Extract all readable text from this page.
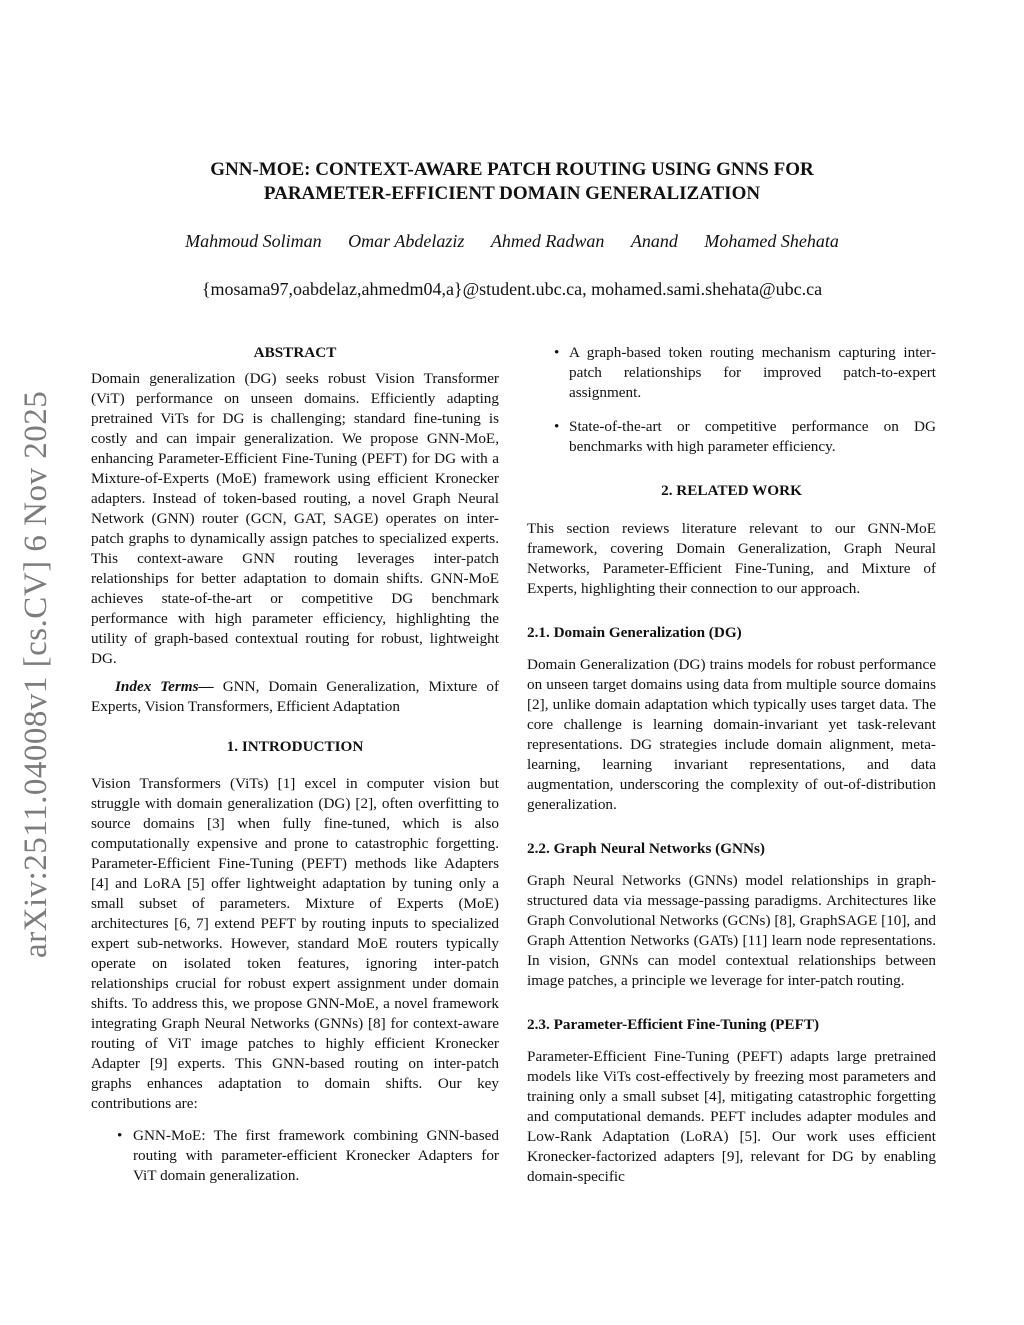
arXiv:2511.04008v1 [cs.CV] 6 Nov 2025
GNN-MOE: CONTEXT-AWARE PATCH ROUTING USING GNNS FOR
PARAMETER-EFFICIENT DOMAIN GENERALIZATION
Mahmoud Soliman Omar Abdelaziz Ahmed Radwan Anand Mohamed Shehata
{mosama97,oabdelaz,ahmedm04,a}@student.ubc.ca, mohamed.sami.shehata@ubc.ca

ABSTRACT

Domain generalization (DG) seeks robust Vision Transformer (ViT) performance on unseen domains. Efficiently adapting pretrained ViTs for DG is challenging; standard fine-tuning is costly and can impair generalization. We propose GNN-MoE, enhancing Parameter-Efficient Fine-Tuning (PEFT) for DG with a Mixture-of-Experts (MoE) framework using efficient Kronecker adapters. Instead of token-based routing, a novel Graph Neural Network (GNN) router (GCN, GAT, SAGE) operates on inter-patch graphs to dynamically assign patches to specialized experts. This context-aware GNN routing leverages inter-patch relationships for better adaptation to domain shifts. GNN-MoE achieves state-of-the-art or competitive DG benchmark performance with high parameter efficiency, highlighting the utility of graph-based contextual routing for robust, lightweight DG.

Index Terms— GNN, Domain Generalization, Mixture of Experts, Vision Transformers, Efficient Adaptation

1. INTRODUCTION

Vision Transformers (ViTs) [1] excel in computer vision but struggle with domain generalization (DG) [2], often overfitting to source domains [3] when fully fine-tuned, which is also computationally expensive and prone to catastrophic forgetting. Parameter-Efficient Fine-Tuning (PEFT) methods like Adapters [4] and LoRA [5] offer lightweight adaptation by tuning only a small subset of parameters. Mixture of Experts (MoE) architectures [6, 7] extend PEFT by routing inputs to specialized expert sub-networks. However, standard MoE routers typically operate on isolated token features, ignoring inter-patch relationships crucial for robust expert assignment under domain shifts. To address this, we propose GNN-MoE, a novel framework integrating Graph Neural Networks (GNNs) [8] for context-aware routing of ViT image patches to highly efficient Kronecker Adapter [9] experts. This GNN-based routing on inter-patch graphs enhances adaptation to domain shifts. Our key contributions are:

• GNN-MoE: The first framework combining GNN-based routing with parameter-efficient Kronecker Adapters for ViT domain generalization.
• A graph-based token routing mechanism capturing inter-patch relationships for improved patch-to-expert assignment.
• State-of-the-art or competitive performance on DG benchmarks with high parameter efficiency.

2. RELATED WORK

This section reviews literature relevant to our GNN-MoE framework, covering Domain Generalization, Graph Neural Networks, Parameter-Efficient Fine-Tuning, and Mixture of Experts, highlighting their connection to our approach.

2.1. Domain Generalization (DG)

Domain Generalization (DG) trains models for robust performance on unseen target domains using data from multiple source domains [2], unlike domain adaptation which typically uses target data. The core challenge is learning domain-invariant yet task-relevant representations. DG strategies include domain alignment, meta-learning, learning invariant representations, and data augmentation, underscoring the complexity of out-of-distribution generalization.

2.2. Graph Neural Networks (GNNs)

Graph Neural Networks (GNNs) model relationships in graph-structured data via message-passing paradigms. Architectures like Graph Convolutional Networks (GCNs) [8], GraphSAGE [10], and Graph Attention Networks (GATs) [11] learn node representations. In vision, GNNs can model contextual relationships between image patches, a principle we leverage for inter-patch routing.

2.3. Parameter-Efficient Fine-Tuning (PEFT)

Parameter-Efficient Fine-Tuning (PEFT) adapts large pretrained models like ViTs cost-effectively by freezing most parameters and training only a small subset [4], mitigating catastrophic forgetting and computational demands. PEFT includes adapter modules and Low-Rank Adaptation (LoRA) [5]. Our work uses efficient Kronecker-factorized adapters [9], relevant for DG by enabling domain-specific
